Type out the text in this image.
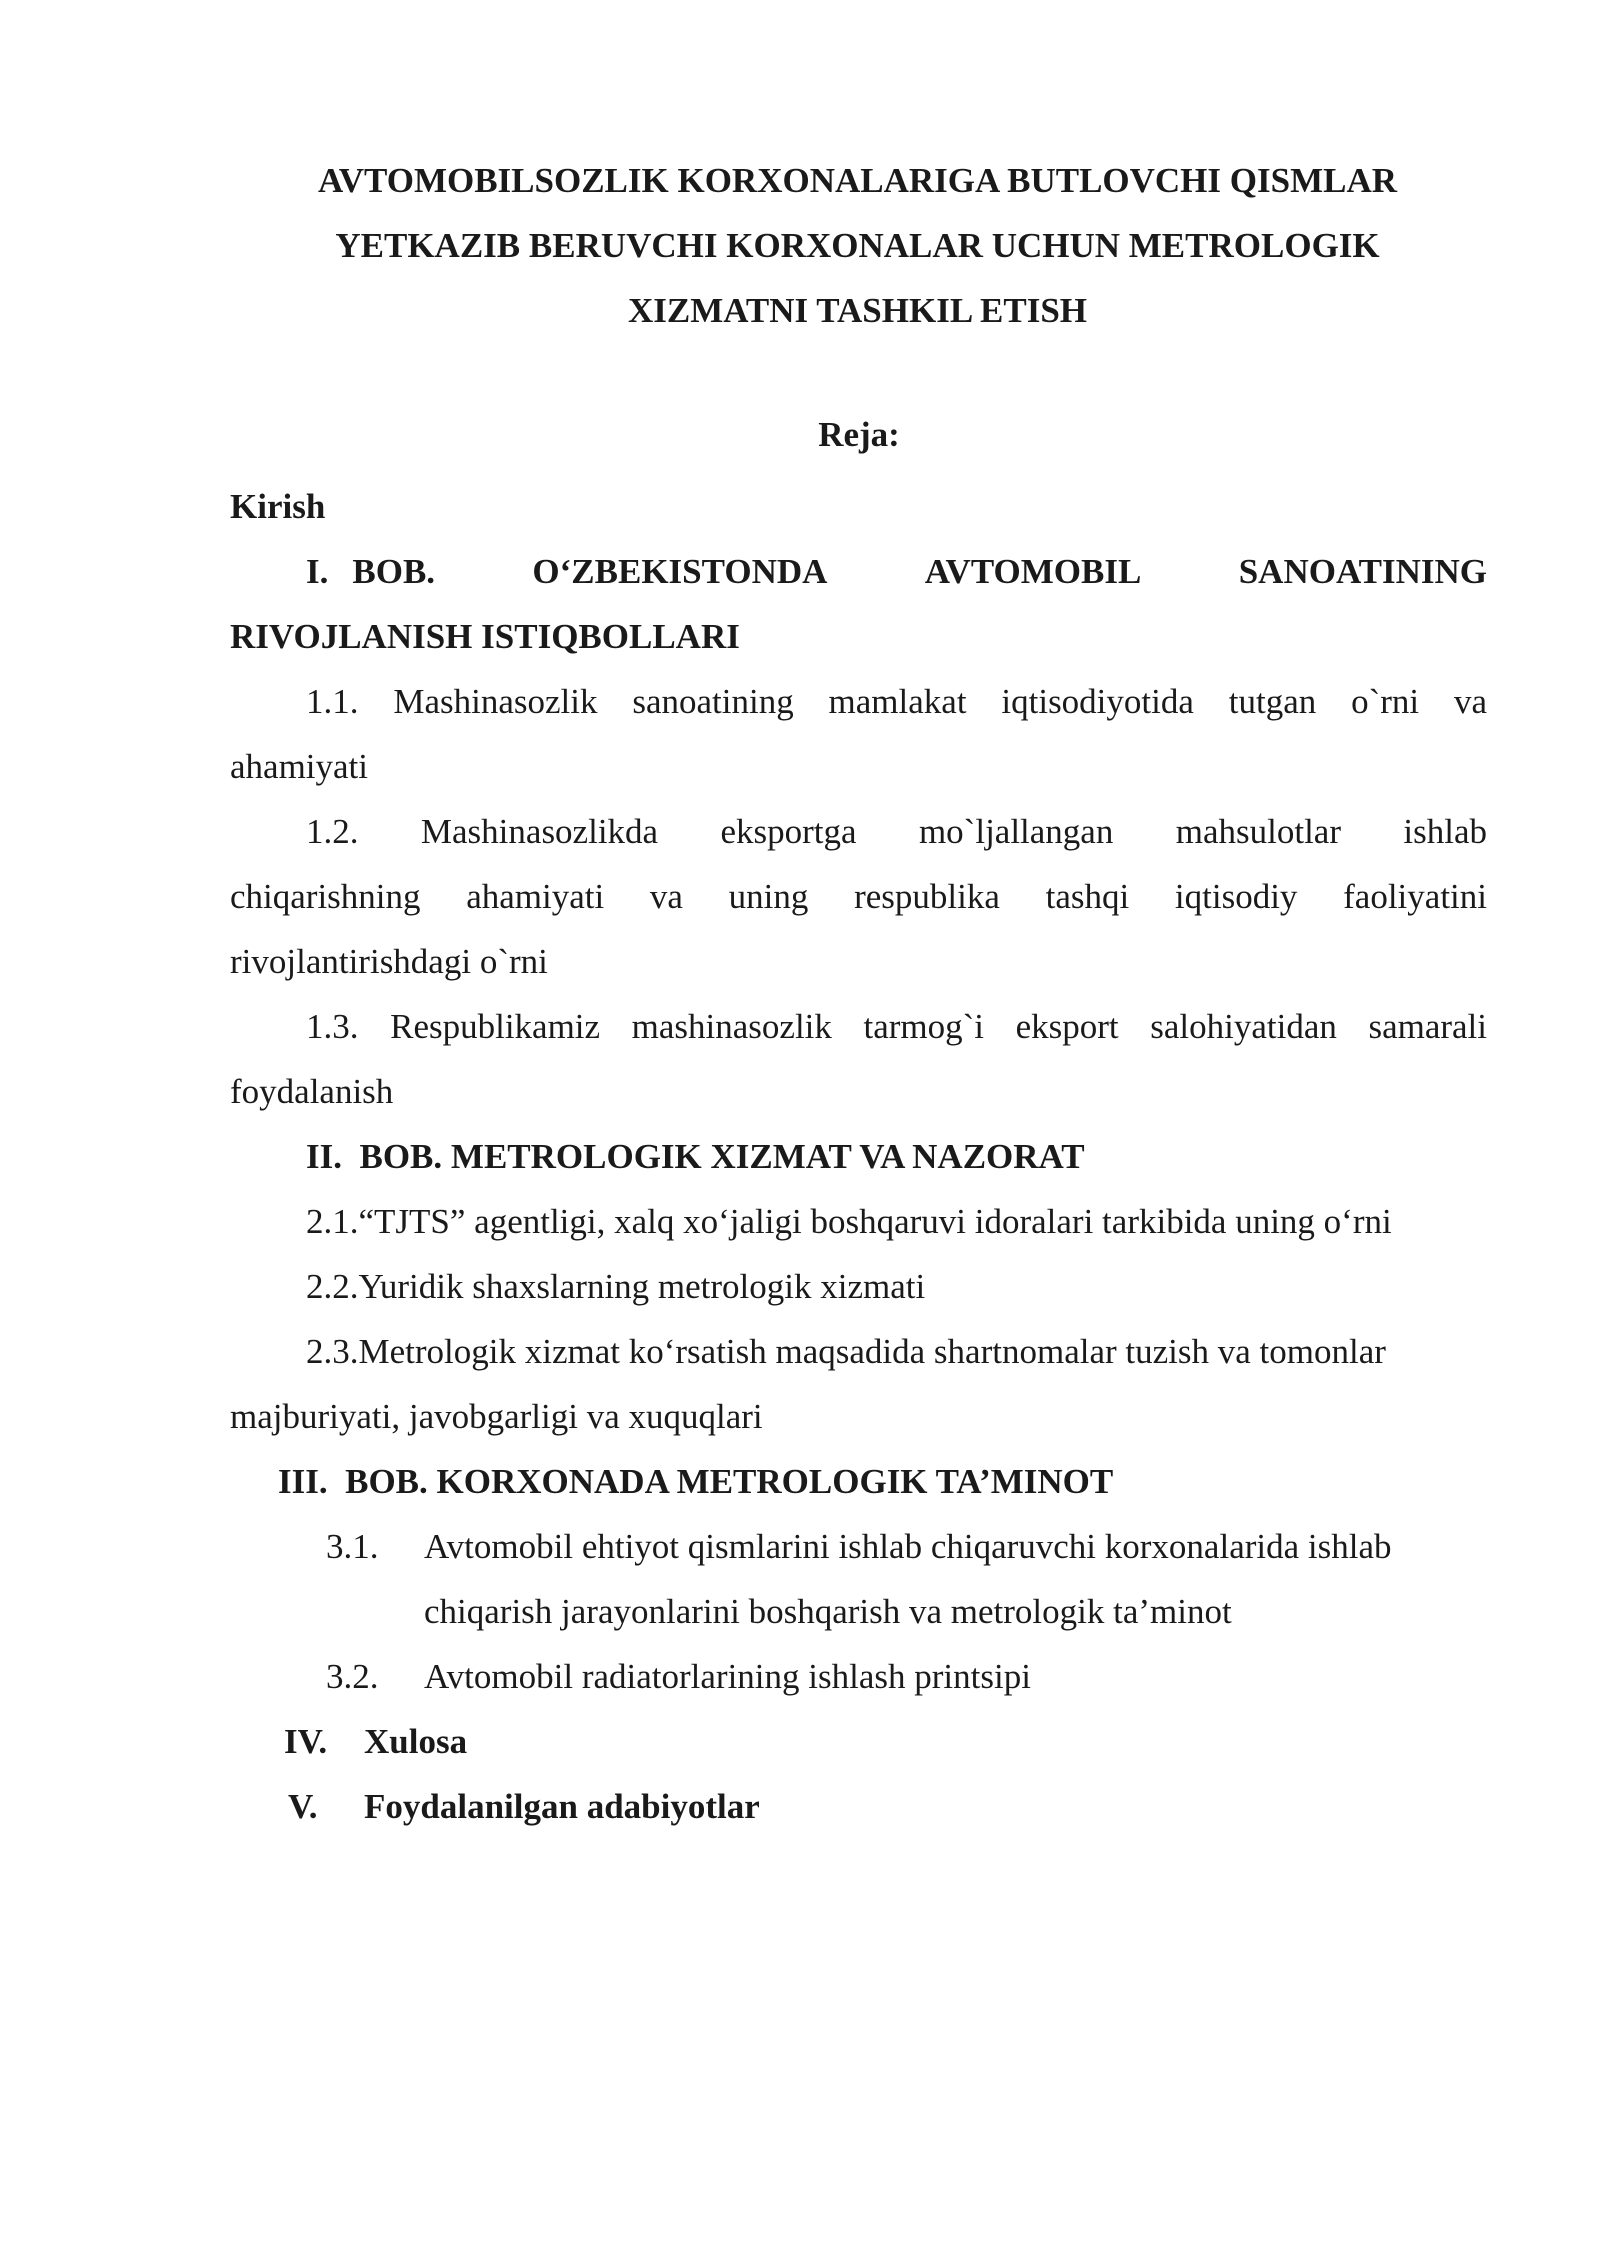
AVTOMOBILSOZLIK KORXONALARIGA BUTLOVCHI QISMLAR
YETKAZIB BERUVCHI KORXONALAR UCHUN METROLOGIK
XIZMATNI TASHKIL ETISH
Reja:
Kirish
I. BOB.	O‘ZBEKISTONDA	AVTOMOBIL	SANOATINING
RIVOJLANISH ISTIQBOLLARI
1.1. Mashinasozlik sanoatining mamlakat iqtisodiyotida tutgan o`rni va
ahamiyati
1.2. Mashinasozlikda eksportga mo`ljallangan mahsulotlar ishlab
chiqarishning ahamiyati va uning respublika tashqi iqtisodiy faoliyatini
rivojlantirishdagi o`rni
1.3. Respublikamiz mashinasozlik tarmog`i eksport salohiyatidan samarali
foydalanish
II.  BOB. METROLOGIK XIZMAT VA NAZORAT
2.1.“TJTS” agentligi, xalq xo‘jaligi boshqaruvi idoralari tarkibida uning o‘rni
2.2.Yuridik shaxslarning metrologik xizmati
2.3.Metrologik xizmat ko‘rsatish maqsadida shartnomalar tuzish va tomonlar
majburiyati, javobgarligi va xuquqlari
III.  BOB. KORXONADA METROLOGIK TA’MINOT
3.1. Avtomobil ehtiyot qismlarini ishlab chiqaruvchi korxonalarida ishlab
chiqarish jarayonlarini boshqarish va metrologik ta’minot
3.2. Avtomobil radiatorlarining ishlash printsipi
IV. Xulosa
V. Foydalanilgan adabiyotlar
